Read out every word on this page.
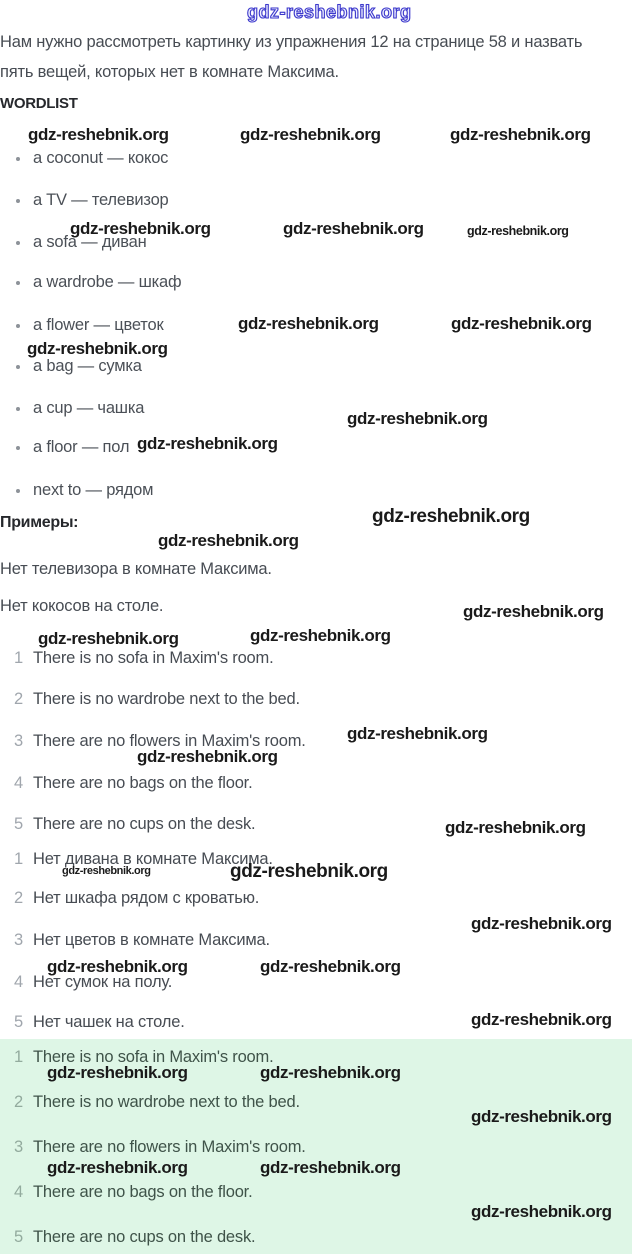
gdz-reshebnik.org

Нам нужно рассмотреть картинку из упражнения 12 на странице 58 и назвать

пять вещей, которых нет в комнате Максима.

WORDLIST
a coconut — кокос
a TV — телевизор
a sofa — диван
a wardrobe — шкаф
a flower — цветок
a bag — сумка
a cup — чашка
a floor — пол
next to — рядом
Примеры:

Нет телевизора в комнате Максима.

Нет кокосов на столе.

1 There is no sofa in Maxim's room.
2 There is no wardrobe next to the bed.
3 There are no flowers in Maxim's room.
4 There are no bags on the floor.
5 There are no cups on the desk.
1 Нет дивана в комнате Максима.
2 Нет шкафа рядом с кроватью.
3 Нет цветов в комнате Максима.
4 Нет сумок на полу.
5 Нет чашек на столе.
1 There is no sofa in Maxim's room.
2 There is no wardrobe next to the bed.
3 There are no flowers in Maxim's room.
4 There are no bags on the floor.
5 There are no cups on the desk.
gdz-reshebnik.org	gdz-reshebnik.org	gdz-reshebnik.org
gdz-reshebnik.org	gdz-reshebnik.org	gdz-reshebnik.org
gdz-reshebnik.org	gdz-reshebnik.org
gdz-reshebnik.org
gdz-reshebnik.org
gdz-reshebnik.org
gdz-reshebnik.org
gdz-reshebnik.org
gdz-reshebnik.org
gdz-reshebnik.org
gdz-reshebnik.org
gdz-reshebnik.org
gdz-reshebnik.org
gdz-reshebnik.org
gdz-reshebnik.org	gdz-reshebnik.org
gdz-reshebnik.org
gdz-reshebnik.org	gdz-reshebnik.org
gdz-reshebnik.org
gdz-reshebnik.org	gdz-reshebnik.org
gdz-reshebnik.org
gdz-reshebnik.org	gdz-reshebnik.org
gdz-reshebnik.org
